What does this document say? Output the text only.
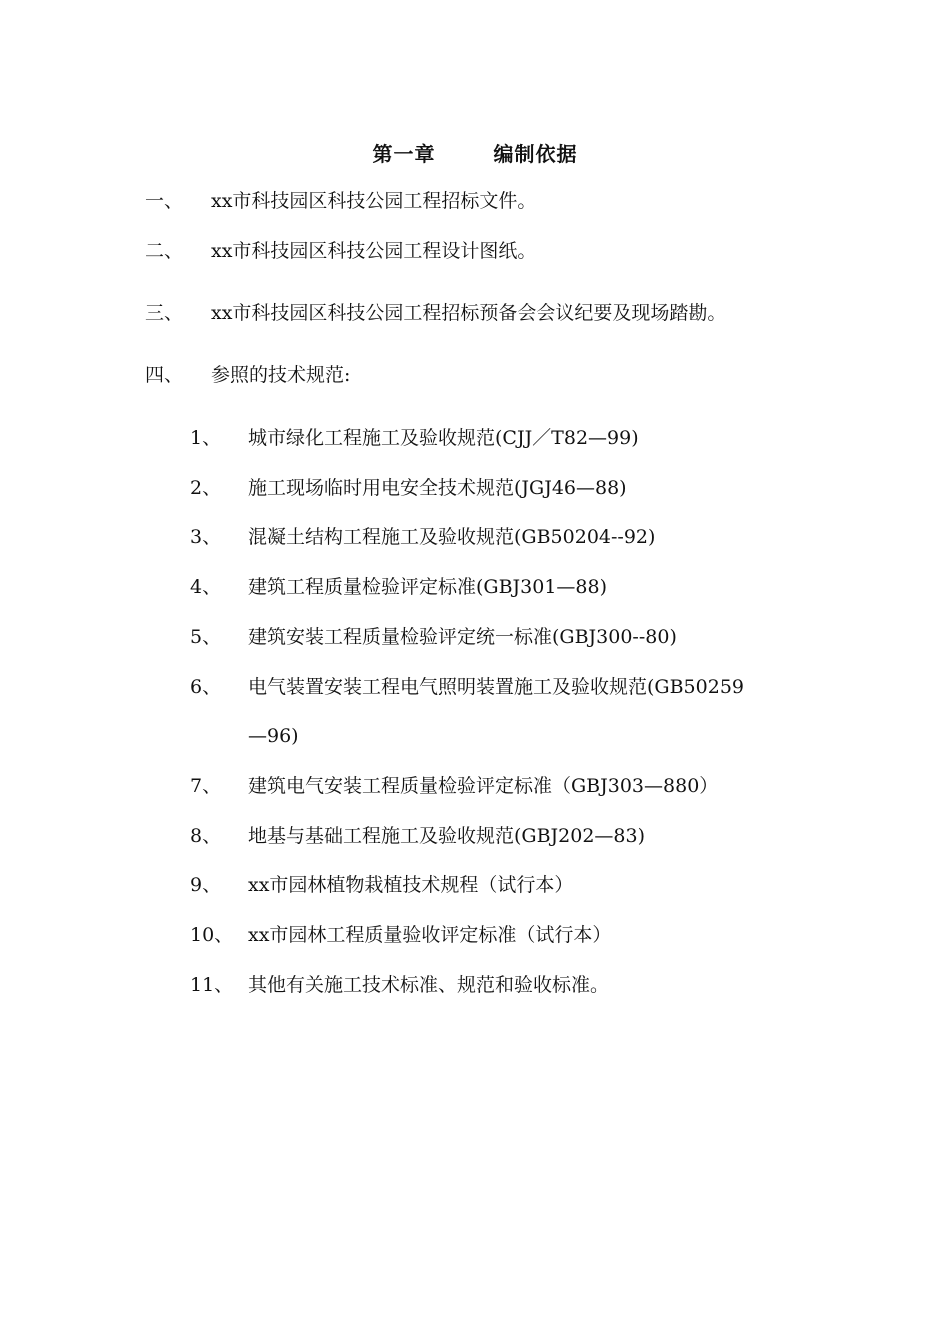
第一章	编制依据
一、 xx市科技园区科技公园工程招标文件。
二、 xx市科技园区科技公园工程设计图纸。
三、 xx市科技园区科技公园工程招标预备会会议纪要及现场踏勘。
四、 参照的技术规范:
1、 城市绿化工程施工及验收规范(CJJ／T82—99)
2、 施工现场临时用电安全技术规范(JGJ46—88)
3、 混凝土结构工程施工及验收规范(GB50204--92)
4、 建筑工程质量检验评定标准(GBJ301—88)
5、 建筑安装工程质量检验评定统一标准(GBJ300--80)
6、 电气装置安装工程电气照明装置施工及验收规范(GB50259
—96)
7、 建筑电气安装工程质量检验评定标准（GBJ303—880）
8、 地基与基础工程施工及验收规范(GBJ202—83)
9、 xx市园林植物栽植技术规程（试行本）
10、 xx市园林工程质量验收评定标准（试行本）
11、 其他有关施工技术标准、规范和验收标准。
